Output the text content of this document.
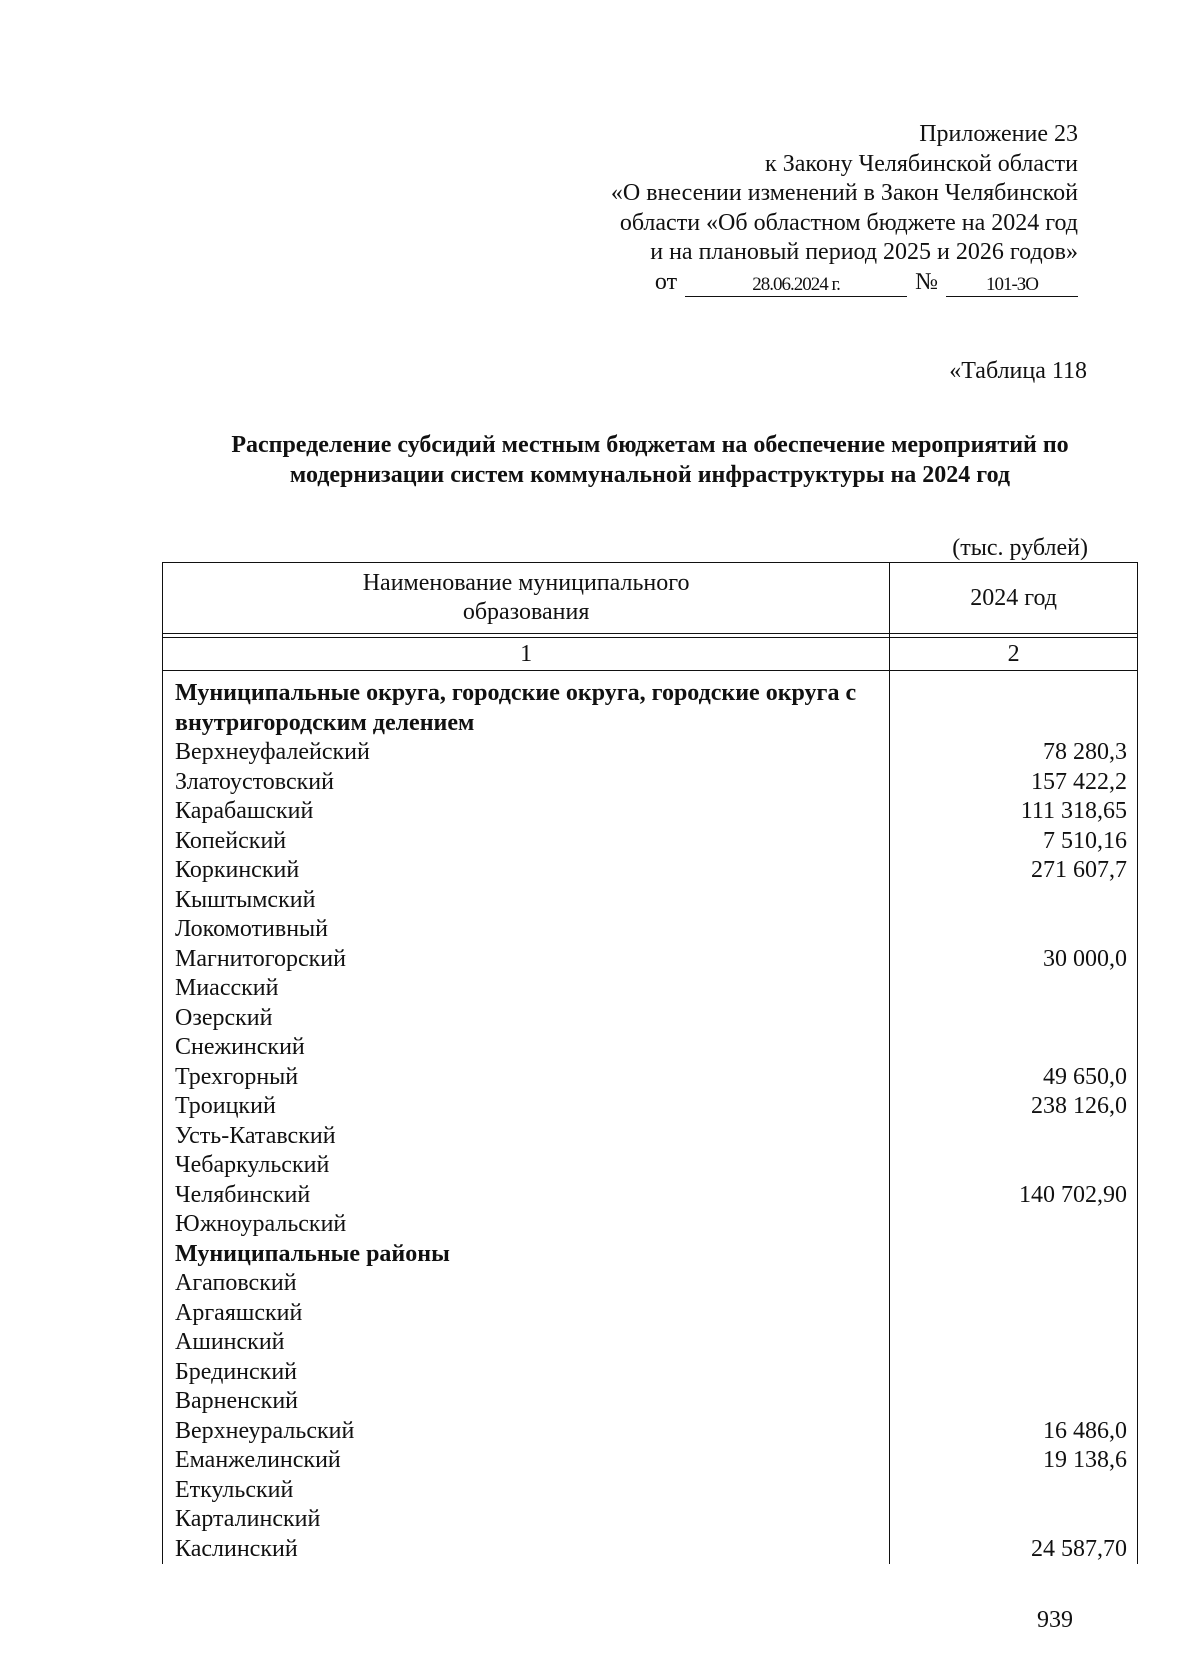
Приложение 23
к Закону Челябинской области
«О внесении изменений в Закон Челябинской
области «Об областном бюджете на 2024 год
и на плановый период 2025 и 2026 годов»
от	28.06.2024 г.	№	101-ЗО
«Таблица 118
Распределение субсидий местным бюджетам на обеспечение мероприятий по
модернизации систем коммунальной инфраструктуры на 2024 год
(тыс. рублей)
Наименование муниципального
образования	2024 год

1	2
Муниципальные округа, городские округа, городские округа с внутригородским делением	
Верхнеуфалейский	78 280,3
Златоустовский	157 422,2
Карабашский	111 318,65
Копейский	7 510,16
Коркинский	271 607,7
Кыштымский	
Локомотивный	
Магнитогорский	30 000,0
Миасский	
Озерский	
Снежинский	
Трехгорный	49 650,0
Троицкий	238 126,0
Усть-Катавский	
Чебаркульский	
Челябинский	140 702,90
Южноуральский	
Муниципальные районы	
Агаповский	
Аргаяшский	
Ашинский	
Брединский	
Варненский	
Верхнеуральский	16 486,0
Еманжелинский	19 138,6
Еткульский	
Карталинский	
Каслинский	24 587,70
939
